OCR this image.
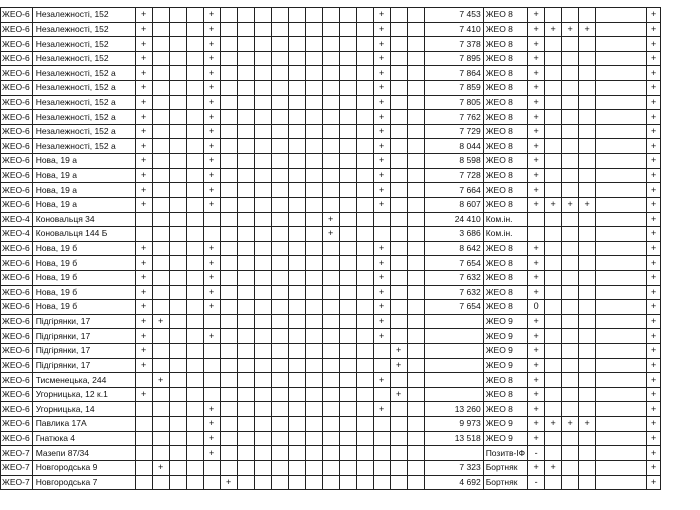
ЖЕО-6	Незалежності, 152	+				+										+			7 453	ЖЕО 8	+					+
ЖЕО-6	Незалежності, 152	+				+										+			7 410	ЖЕО 8	+	+	+	+		+
ЖЕО-6	Незалежності, 152	+				+										+			7 378	ЖЕО 8	+					+
ЖЕО-6	Незалежності, 152	+				+										+			7 895	ЖЕО 8	+					+
ЖЕО-6	Незалежності, 152 а	+				+										+			7 864	ЖЕО 8	+					+
ЖЕО-6	Незалежності, 152 а	+				+										+			7 859	ЖЕО 8	+					+
ЖЕО-6	Незалежності, 152 а	+				+										+			7 805	ЖЕО 8	+					+
ЖЕО-6	Незалежності, 152 а	+				+										+			7 762	ЖЕО 8	+					+
ЖЕО-6	Незалежності, 152 а	+				+										+			7 729	ЖЕО 8	+					+
ЖЕО-6	Незалежності, 152 а	+				+										+			8 044	ЖЕО 8	+					+
ЖЕО-6	Нова, 19 а	+				+										+			8 598	ЖЕО 8	+					+
ЖЕО-6	Нова, 19 а	+				+										+			7 728	ЖЕО 8	+					+
ЖЕО-6	Нова, 19 а	+				+										+			7 664	ЖЕО 8	+					+
ЖЕО-6	Нова, 19 а	+				+										+			8 607	ЖЕО 8	+	+	+	+		+
ЖЕО-4	Коновальця 34												+						24 410	Ком.ін.						+
ЖЕО-4	Коновальця 144 Б												+						3 686	Ком.ін.						+
ЖЕО-6	Нова, 19 б	+				+										+			8 642	ЖЕО 8	+					+
ЖЕО-6	Нова, 19 б	+				+										+			7 654	ЖЕО 8	+					+
ЖЕО-6	Нова, 19 б	+				+										+			7 632	ЖЕО 8	+					+
ЖЕО-6	Нова, 19 б	+				+										+			7 632	ЖЕО 8	+					+
ЖЕО-6	Нова, 19 б	+				+										+			7 654	ЖЕО 8	0					+
ЖЕО-6	Підгірянки, 17	+	+													+				ЖЕО 9	+					+
ЖЕО-6	Підгірянки, 17	+				+										+				ЖЕО 9	+					+
ЖЕО-6	Підгірянки, 17	+															+			ЖЕО 9	+					+
ЖЕО-6	Підгірянки, 17	+															+			ЖЕО 9	+					+
ЖЕО-6	Тисменецька, 244		+													+				ЖЕО 8	+					+
ЖЕО-6	Угорницька, 12 к.1	+															+			ЖЕО 8	+					+
ЖЕО-6	Угорницька, 14					+										+			13 260	ЖЕО 8	+					+
ЖЕО-6	Павлика 17А					+													9 973	ЖЕО 9	+	+	+	+		+
ЖЕО-6	Гнатюка 4					+													13 518	ЖЕО 9	+					+
ЖЕО-7	Мазепи 87/34					+														Позитв-ІФ	-					+
ЖЕО-7	Новгородська 9		+																7 323	Бортняк	+	+				+
ЖЕО-7	Новгородська 7						+												4 692	Бортняк	-					+
